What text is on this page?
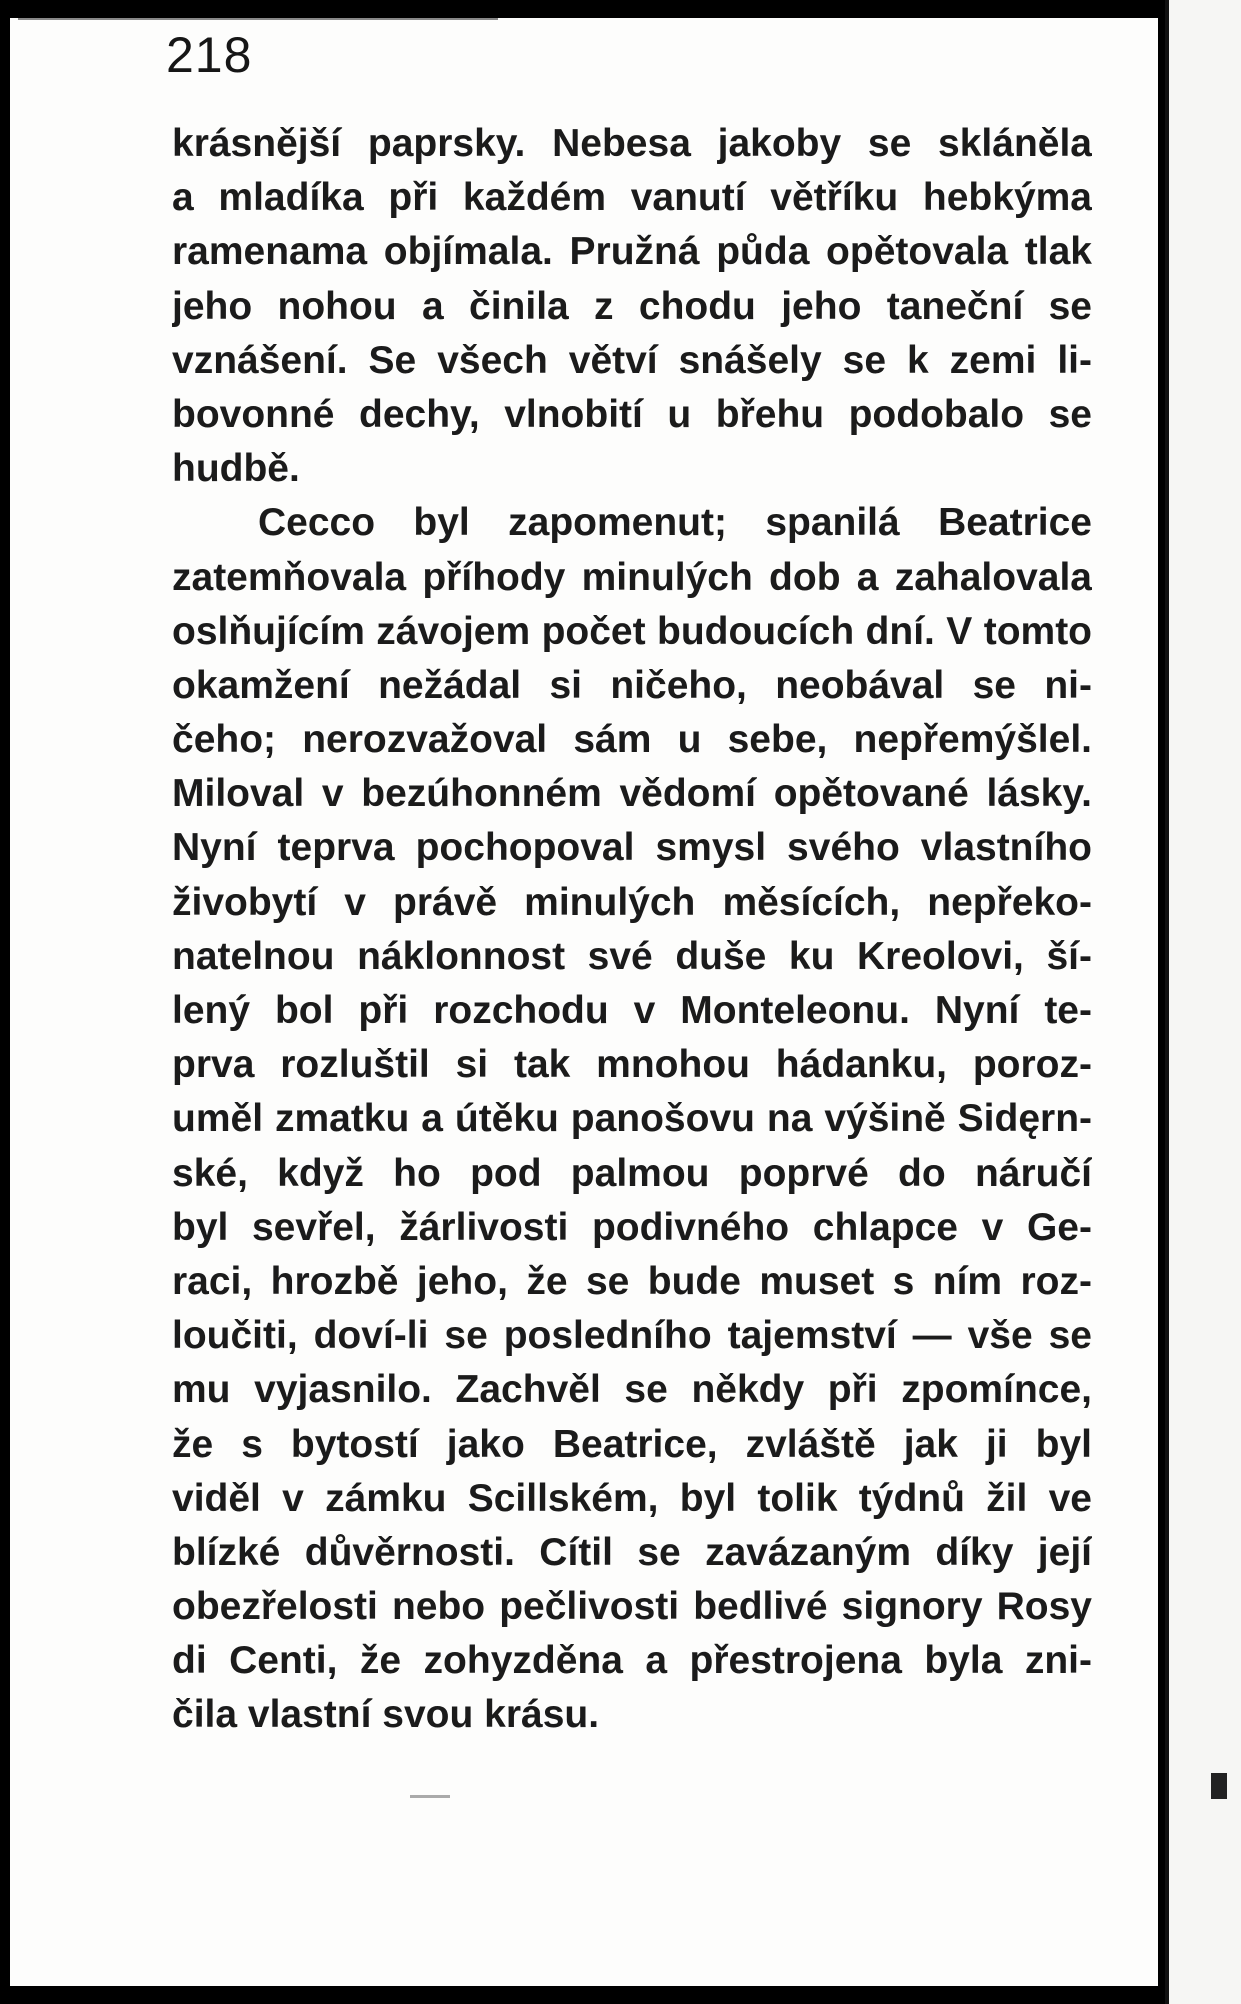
218
krásnější paprsky. Nebesa jakoby se skláněla
a mladíka při každém vanutí větříku hebkýma
ramenama objímala. Pružná půda opětovala tlak
jeho nohou a činila z chodu jeho taneční se
vznášení. Se všech větví snášely se k zemi li-
bovonné dechy, vlnobití u břehu podobalo se
hudbě.
Cecco byl zapomenut; spanilá Beatrice
zatemňovala příhody minulých dob a zahalovala
oslňujícím závojem počet budoucích dní. V tomto
okamžení nežádal si ničeho, neobával se ni-
čeho; nerozvažoval sám u sebe, nepřemýšlel.
Miloval v bezúhonném vědomí opětované lásky.
Nyní teprva pochopoval smysl svého vlastního
živobytí v právě minulých měsících, nepřeko-
natelnou náklonnost své duše ku Kreolovi, ší-
lený bol při rozchodu v Monteleonu. Nyní te-
prva rozluštil si tak mnohou hádanku, poroz-
uměl zmatku a útěku panošovu na výšině Sidęrn-
ské, když ho pod palmou poprvé do náručí
byl sevřel, žárlivosti podivného chlapce v Ge-
raci, hrozbě jeho, že se bude muset s ním roz-
loučiti, doví-li se posledního tajemství — vše se
mu vyjasnilo. Zachvěl se někdy při zpomínce,
že s bytostí jako Beatrice, zvláště jak ji byl
viděl v zámku Scillském, byl tolik týdnů žil ve
blízké důvěrnosti. Cítil se zavázaným díky její
obezřelosti nebo pečlivosti bedlivé signory Rosy
di Centi, že zohyzděna a přestrojena byla zni-
čila vlastní svou krásu.
